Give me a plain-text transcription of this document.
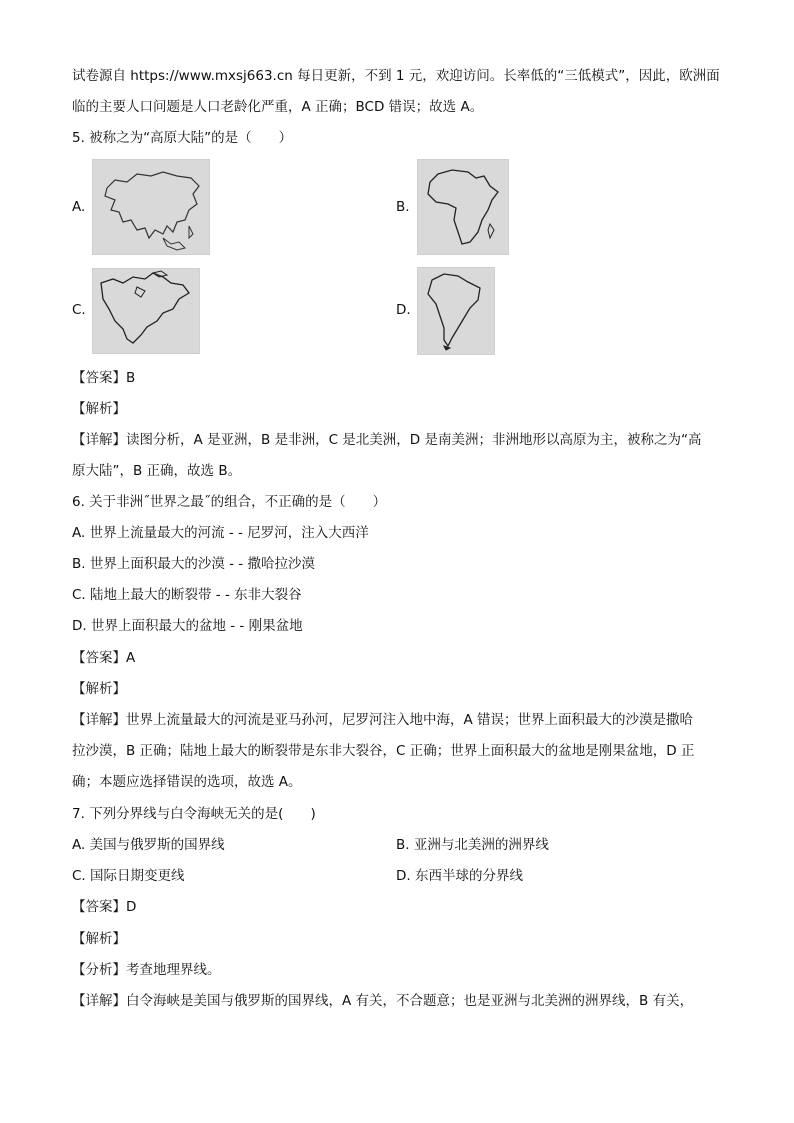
试卷源自 https://www.mxsj663.cn 每日更新，不到 1 元，欢迎访问。长率低的“三低模式”，因此，欧洲面
临的主要人口问题是人口老龄化严重，A 正确；BCD 错误；故选 A。
5. 被称之为“高原大陆”的是（　　）
A.	B.
C.	D.
【答案】B
【解析】
【详解】读图分析，A 是亚洲，B 是非洲，C 是北美洲，D 是南美洲；非洲地形以高原为主，被称之为“高
原大陆”，B 正确，故选 B。
6. 关于非洲˝世界之最˝的组合，不正确的是（　　）
A. 世界上流量最大的河流 - - 尼罗河，注入大西洋
B. 世界上面积最大的沙漠 - - 撒哈拉沙漠
C. 陆地上最大的断裂带 - - 东非大裂谷
D. 世界上面积最大的盆地 - - 刚果盆地
【答案】A
【解析】
【详解】世界上流量最大的河流是亚马孙河，尼罗河注入地中海，A 错误；世界上面积最大的沙漠是撒哈
拉沙漠，B 正确；陆地上最大的断裂带是东非大裂谷，C 正确；世界上面积最大的盆地是刚果盆地，D 正
确；本题应选择错误的选项，故选 A。
7. 下列分界线与白令海峡无关的是(　　)
A. 美国与俄罗斯的国界线	B. 亚洲与北美洲的洲界线
C. 国际日期变更线	D. 东西半球的分界线
【答案】D
【解析】
【分析】考查地理界线。
【详解】白令海峡是美国与俄罗斯的国界线，A 有关，不合题意；也是亚洲与北美洲的洲界线，B 有关，
